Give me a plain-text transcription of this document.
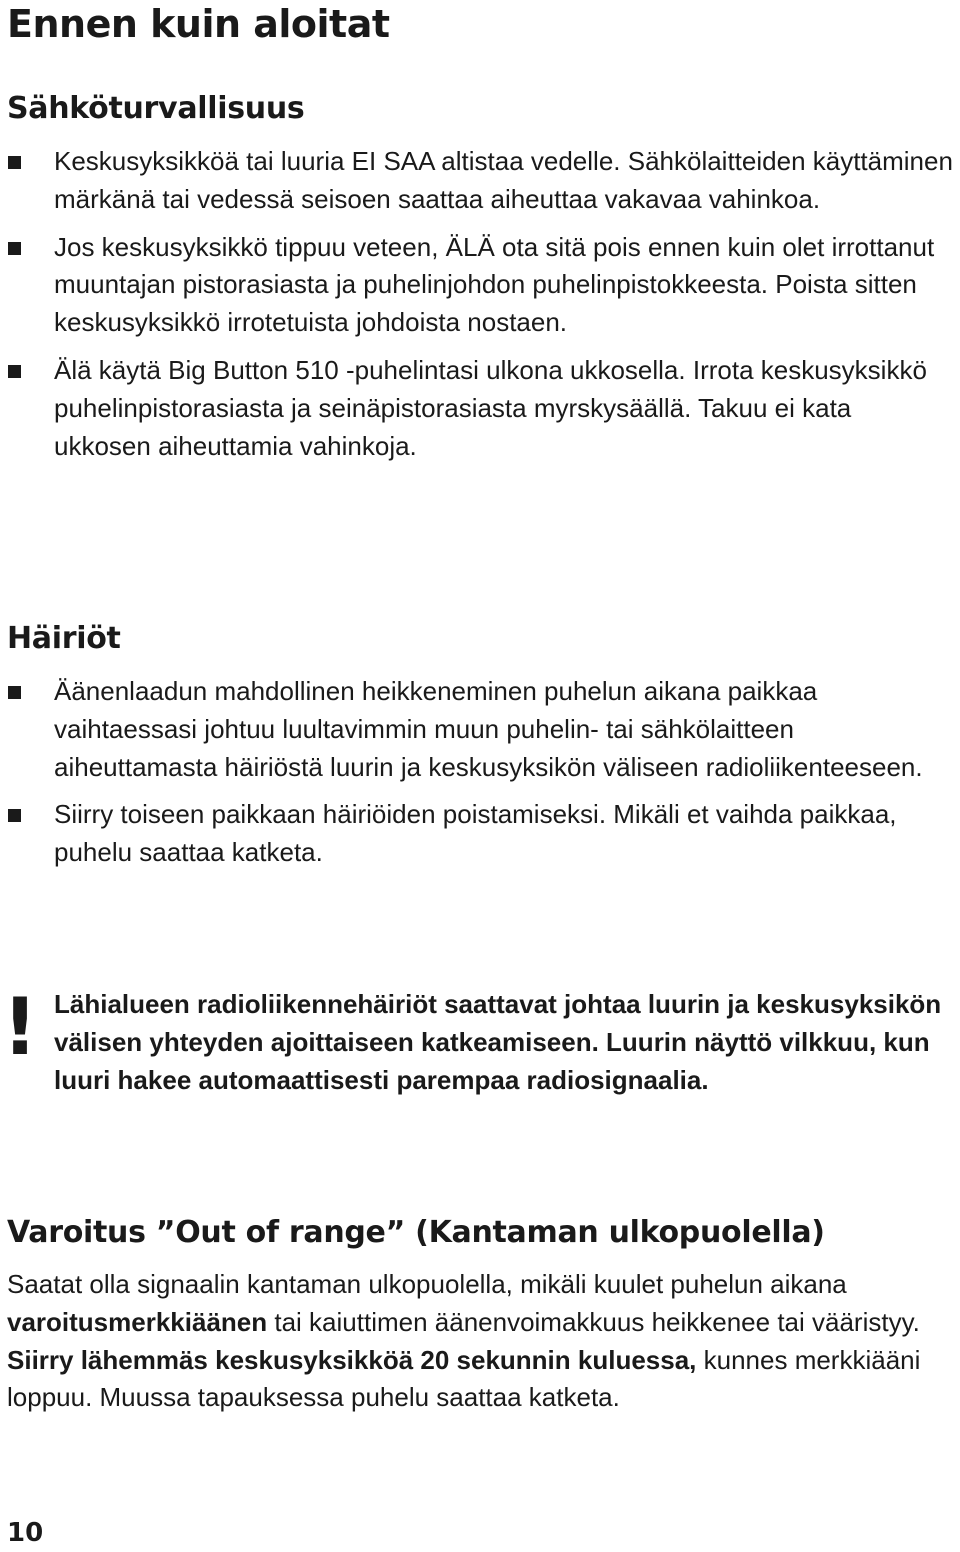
Ennen kuin aloitat
Sähköturvallisuus
Keskusyksikköä tai luuria EI SAA altistaa vedelle. Sähkölaitteiden käyttäminen märkänä tai vedessä seisoen saattaa aiheuttaa vakavaa vahinkoa.
Jos keskusyksikkö tippuu veteen, ÄLÄ ota sitä pois ennen kuin olet irrottanut muuntajan pistorasiasta ja puhelinjohdon puhelinpistokkeesta. Poista sitten keskusyksikkö irrotetuista johdoista nostaen.
Älä käytä Big Button 510 -puhelintasi ulkona ukkosella. Irrota keskusyksikkö puhelinpistorasiasta ja seinäpistorasiasta myrskysäällä. Takuu ei kata ukkosen aiheuttamia vahinkoja.
Häiriöt
Äänenlaadun mahdollinen heikkeneminen puhelun aikana paikkaa vaihtaessasi johtuu luultavimmin muun puhelin- tai sähkölaitteen aiheuttamasta häiriöstä luurin ja keskusyksikön väliseen radioliikenteeseen.
Siirry toiseen paikkaan häiriöiden poistamiseksi. Mikäli et vaihda paikkaa, puhelu saattaa katketa.
! Lähialueen radioliikennehäiriöt saattavat johtaa luurin ja keskusyksikön välisen yhteyden ajoittaiseen katkeamiseen. Luurin näyttö vilkkuu, kun luuri hakee automaattisesti parempaa radiosignaalia.
Varoitus ”Out of range” (Kantaman ulkopuolella)

Saatat olla signaalin kantaman ulkopuolella, mikäli kuulet puhelun aikana varoitusmerkkiäänen tai kaiuttimen äänenvoimakkuus heikkenee tai vääristyy. Siirry lähemmäs keskusyksikköä 20 sekunnin kuluessa, kunnes merkkiääni loppuu. Muussa tapauksessa puhelu saattaa katketa.

10
